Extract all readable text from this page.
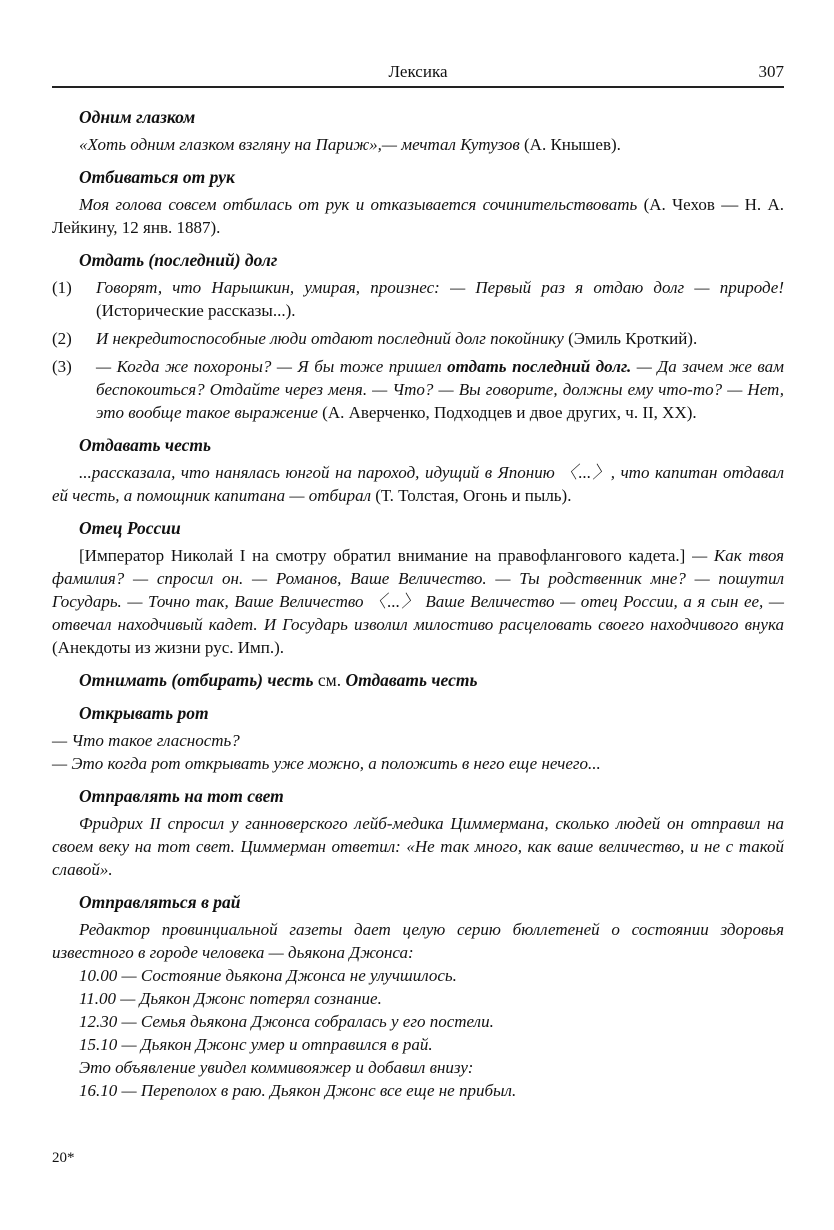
Лексика	307
Одним глазком

«Хоть одним глазком взгляну на Париж»,— мечтал Кутузов (А. Кнышев).

Отбиваться от рук

Моя голова совсем отбилась от рук и отказывается сочинительствовать (А. Чехов — Н. А. Лейкину, 12 янв. 1887).

Отдать (последний) долг
(1)	Говорят, что Нарышкин, умирая, произнес: — Первый раз я отдаю долг — природе! (Исторические рассказы...).
(2)	И некредитоспособные люди отдают последний долг покойнику (Эмиль Кроткий).
(3)	— Когда же похороны? — Я бы тоже пришел отдать последний долг. — Да зачем же вам беспокоиться? Отдайте через меня. — Что? — Вы говорите, должны ему что-то? — Нет, это вообще такое выражение (А. Аверченко, Подходцев и двое других, ч. II, XX).
Отдавать честь

...рассказала, что нанялась юнгой на пароход, идущий в Японию 〈...〉, что капитан отдавал ей честь, а помощник капитана — отбирал (Т. Толстая, Огонь и пыль).

Отец России

[Император Николай I на смотру обратил внимание на правофлангового кадета.] — Как твоя фамилия? — спросил он. — Романов, Ваше Величество. — Ты родственник мне? — пошутил Государь. — Точно так, Ваше Величество 〈...〉 Ваше Величество — отец России, а я сын ее, — отвечал находчивый кадет. И Государь изволил милостиво расцеловать своего находчивого внука (Анекдоты из жизни рус. Имп.).

Отнимать (отбирать) честь см. Отдавать честь
Открывать рот
— Что такое гласность?
— Это когда рот открывать уже можно, а положить в него еще нечего...
Отправлять на тот свет

Фридрих II спросил у ганноверского лейб-медика Циммермана, сколько людей он отправил на своем веку на тот свет. Циммерман ответил: «Не так много, как ваше величество, и не с такой славой».

Отправляться в рай

Редактор провинциальной газеты дает целую серию бюллетеней о состоянии здоровья известного в городе человека — дьякона Джонса:

10.00 — Состояние дьякона Джонса не улучшилось.
11.00 — Дьякон Джонс потерял сознание.
12.30 — Семья дьякона Джонса собралась у его постели.
15.10 — Дьякон Джонс умер и отправился в рай.
Это объявление увидел коммивояжер и добавил внизу:
16.10 — Переполох в раю. Дьякон Джонс все еще не прибыл.
20*
